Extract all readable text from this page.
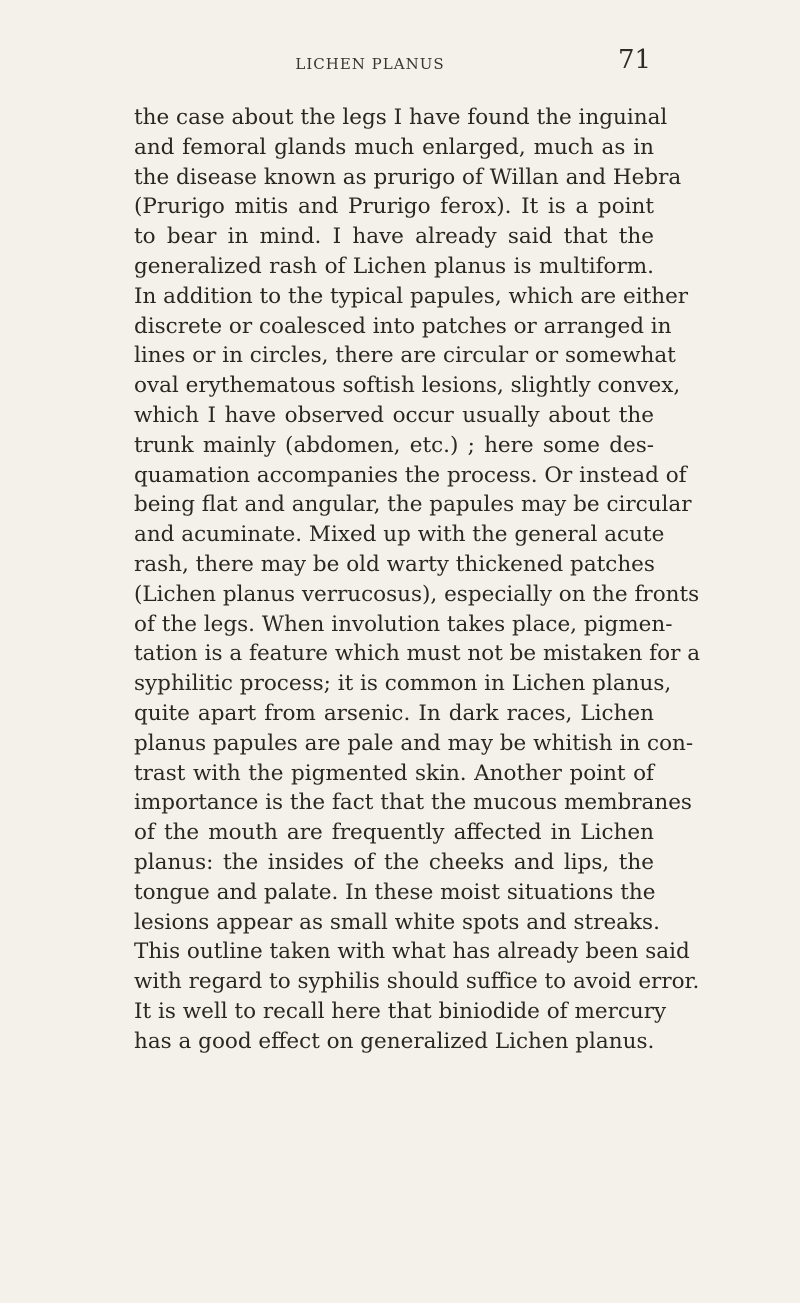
LICHEN PLANUS	71
the case about the legs I have found the inguinal
and femoral glands much enlarged, much as in
the disease known as prurigo of Willan and Hebra
(Prurigo mitis and Prurigo ferox). It is a point
to bear in mind. I have already said that the
generalized rash of Lichen planus is multiform.
In addition to the typical papules, which are either
discrete or coalesced into patches or arranged in
lines or in circles, there are circular or somewhat
oval erythematous softish lesions, slightly convex,
which I have observed occur usually about the
trunk mainly (abdomen, etc.) ; here some des-
quamation accompanies the process. Or instead of
being flat and angular, the papules may be circular
and acuminate. Mixed up with the general acute
rash, there may be old warty thickened patches
(Lichen planus verrucosus), especially on the fronts
of the legs. When involution takes place, pigmen-
tation is a feature which must not be mistaken for a
syphilitic process; it is common in Lichen planus,
quite apart from arsenic. In dark races, Lichen
planus papules are pale and may be whitish in con-
trast with the pigmented skin. Another point of
importance is the fact that the mucous membranes
of the mouth are frequently affected in Lichen
planus: the insides of the cheeks and lips, the
tongue and palate. In these moist situations the
lesions appear as small white spots and streaks.
This outline taken with what has already been said
with regard to syphilis should suffice to avoid error.
It is well to recall here that biniodide of mercury
has a good effect on generalized Lichen planus.
